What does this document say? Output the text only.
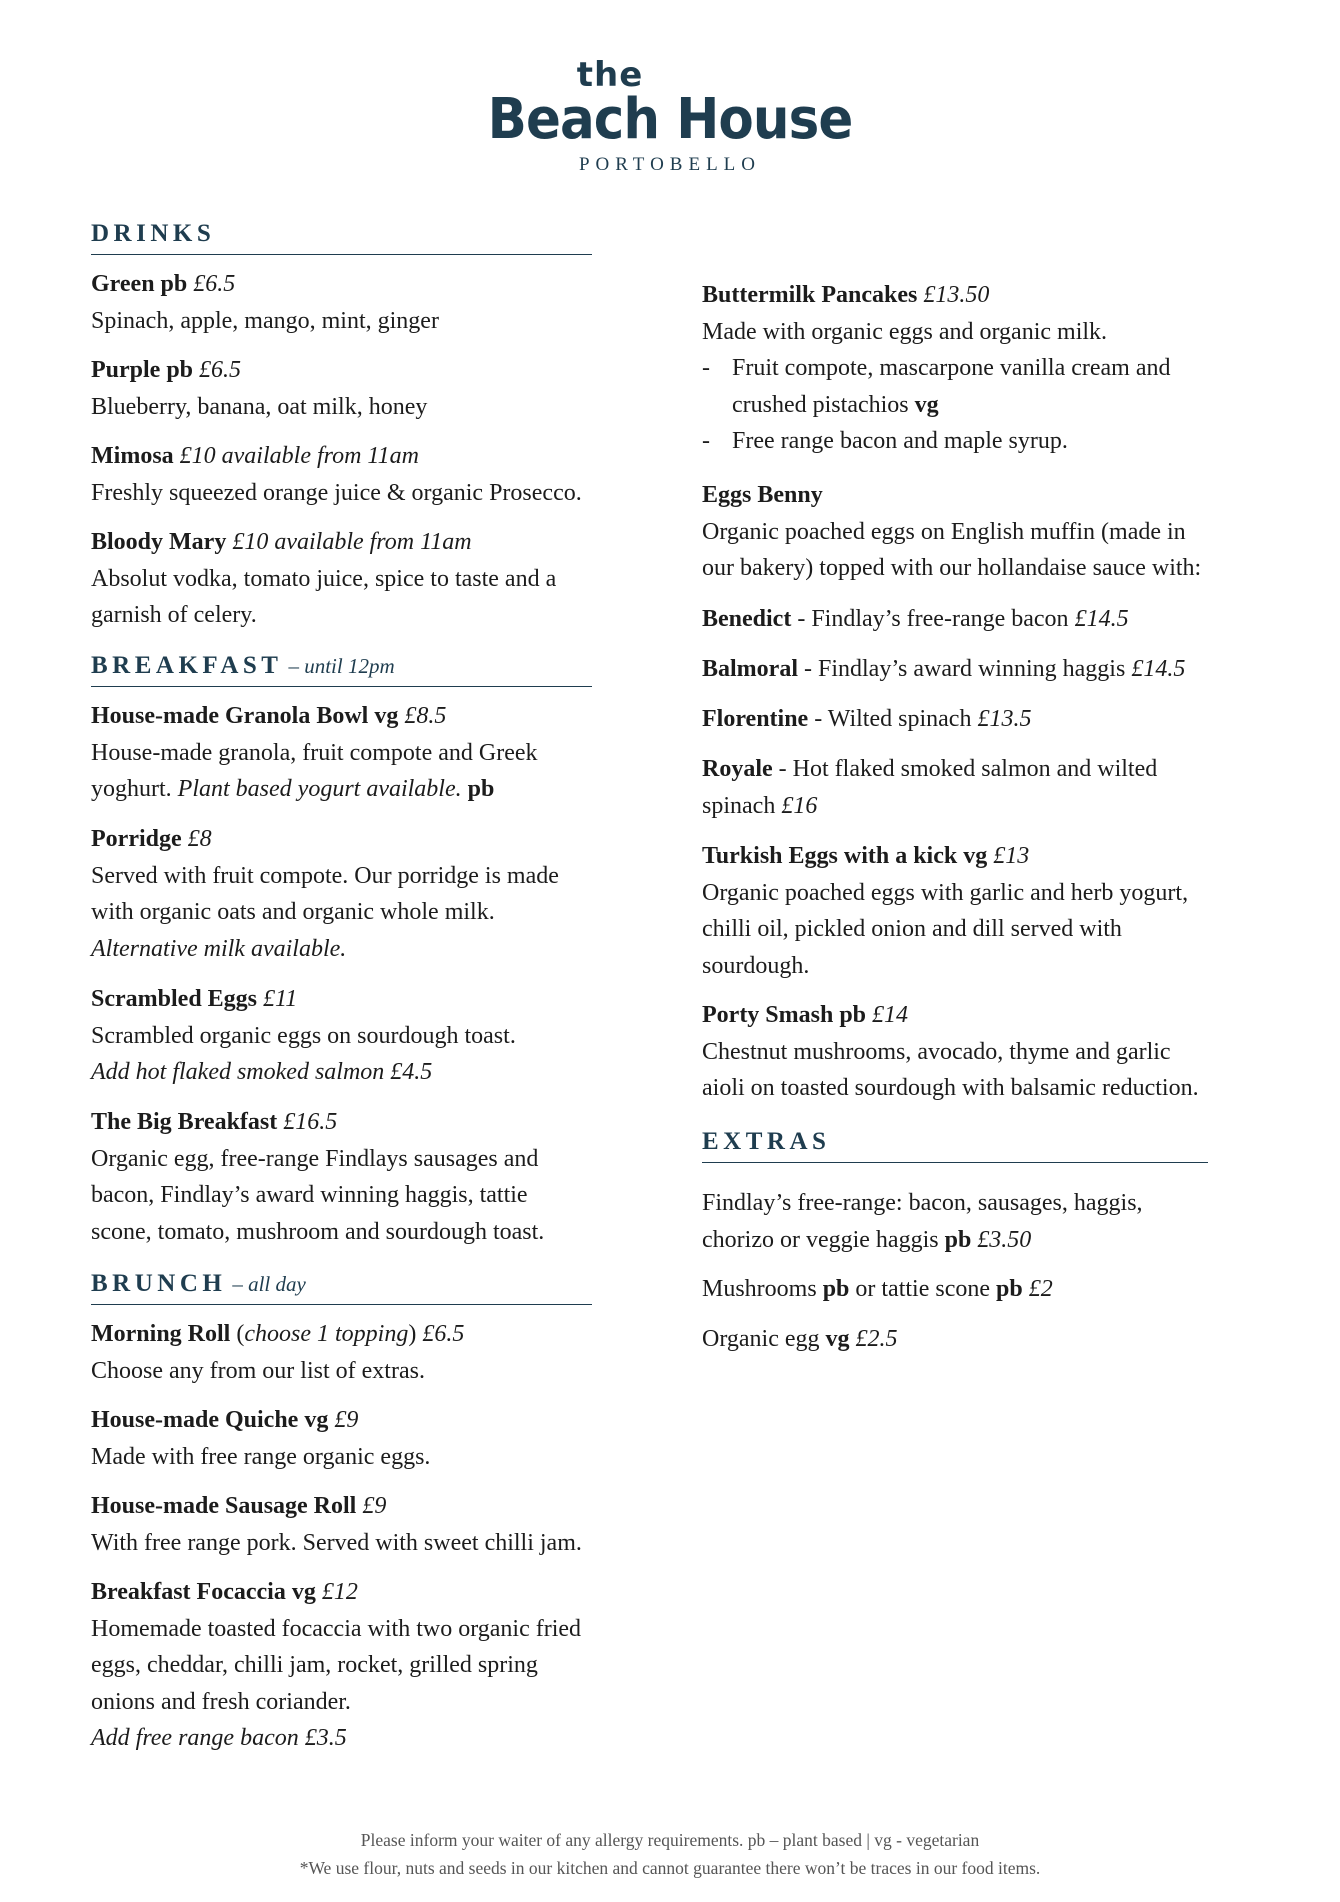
the
Beach House
PORTOBELLO
DRINKS
Green pb £6.5
Spinach, apple, mango, mint, ginger
Purple pb £6.5
Blueberry, banana, oat milk, honey
Mimosa £10 available from 11am
Freshly squeezed orange juice & organic Prosecco.
Bloody Mary £10 available from 11am
Absolut vodka, tomato juice, spice to taste and a
garnish of celery.
BREAKFAST – until 12pm
House-made Granola Bowl vg £8.5
House-made granola, fruit compote and Greek
yoghurt. Plant based yogurt available. pb
Porridge £8
Served with fruit compote. Our porridge is made
with organic oats and organic whole milk.
Alternative milk available.
Scrambled Eggs £11
Scrambled organic eggs on sourdough toast.
Add hot flaked smoked salmon £4.5
The Big Breakfast £16.5
Organic egg, free-range Findlays sausages and
bacon, Findlay’s award winning haggis, tattie
scone, tomato, mushroom and sourdough toast.
BRUNCH – all day
Morning Roll (choose 1 topping) £6.5
Choose any from our list of extras.
House-made Quiche vg £9
Made with free range organic eggs.
House-made Sausage Roll £9
With free range pork. Served with sweet chilli jam.
Breakfast Focaccia vg £12
Homemade toasted focaccia with two organic fried
eggs, cheddar, chilli jam, rocket, grilled spring
onions and fresh coriander.
Add free range bacon £3.5
Buttermilk Pancakes £13.50
Made with organic eggs and organic milk.
- Fruit compote, mascarpone vanilla cream and
crushed pistachios vg
- Free range bacon and maple syrup.
Eggs Benny
Organic poached eggs on English muffin (made in
our bakery) topped with our hollandaise sauce with:
Benedict - Findlay’s free-range bacon £14.5
Balmoral - Findlay’s award winning haggis £14.5
Florentine - Wilted spinach £13.5
Royale - Hot flaked smoked salmon and wilted
spinach £16
Turkish Eggs with a kick vg £13
Organic poached eggs with garlic and herb yogurt,
chilli oil, pickled onion and dill served with
sourdough.
Porty Smash pb £14
Chestnut mushrooms, avocado, thyme and garlic
aioli on toasted sourdough with balsamic reduction.
EXTRAS
Findlay’s free-range: bacon, sausages, haggis,
chorizo or veggie haggis pb £3.50
Mushrooms pb or tattie scone pb £2
Organic egg vg £2.5
Please inform your waiter of any allergy requirements. pb – plant based | vg - vegetarian
*We use flour, nuts and seeds in our kitchen and cannot guarantee there won’t be traces in our food items.
